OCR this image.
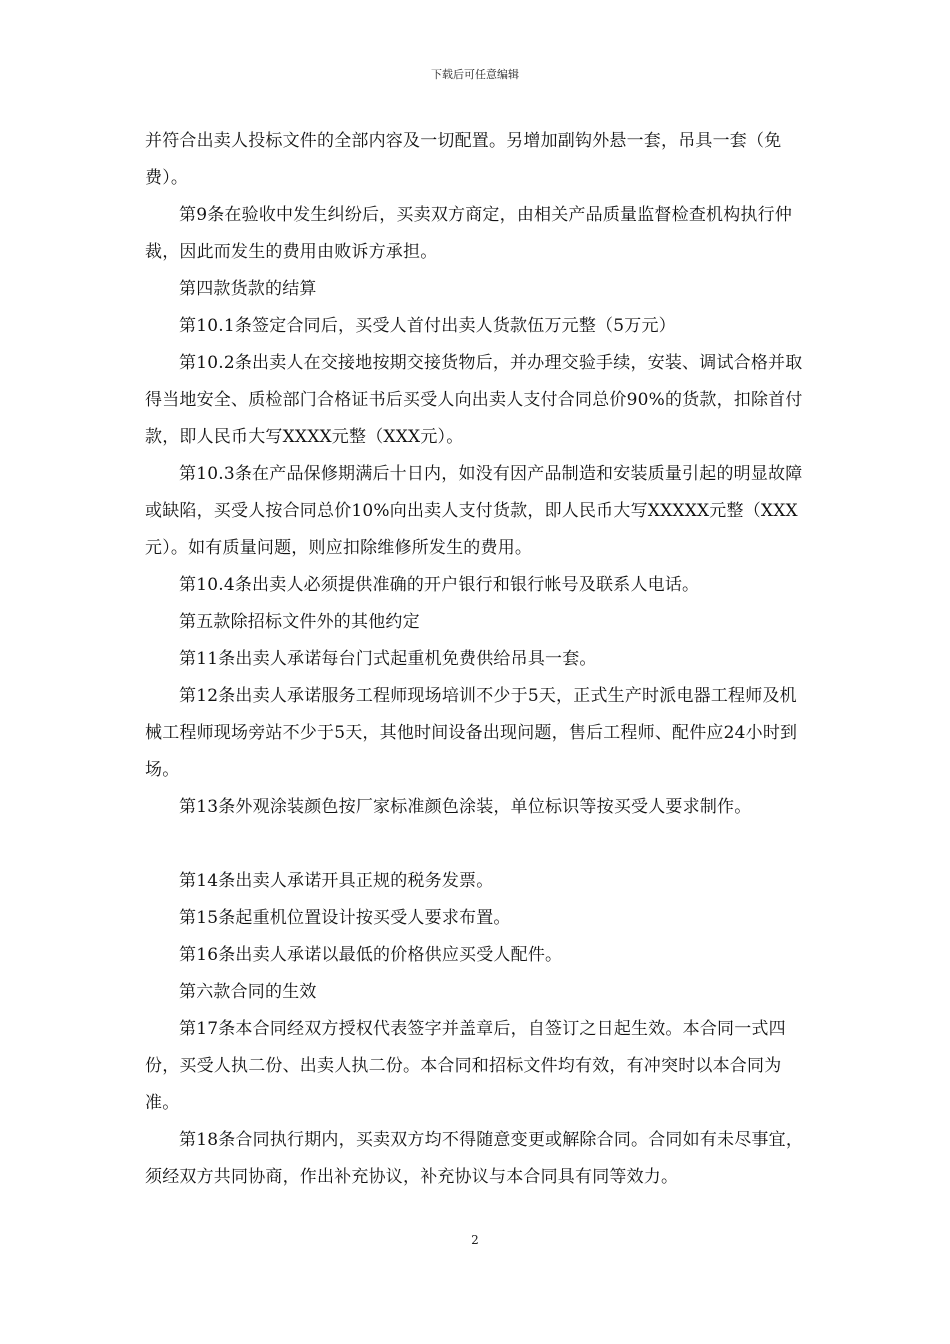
下载后可任意编辑

并符合出卖人投标文件的全部内容及一切配置。另增加副钩外悬一套，吊具一套（免费）。

第9条在验收中发生纠纷后，买卖双方商定，由相关产品质量监督检查机构执行仲裁，因此而发生的费用由败诉方承担。

第四款货款的结算

第10.1条签定合同后，买受人首付出卖人货款伍万元整（5万元）

第10.2条出卖人在交接地按期交接货物后，并办理交验手续，安装、调试合格并取得当地安全、质检部门合格证书后买受人向出卖人支付合同总价90%的货款，扣除首付款，即人民币大写XXXX元整（XXX元）。

第10.3条在产品保修期满后十日内，如没有因产品制造和安装质量引起的明显故障或缺陷，买受人按合同总价10%向出卖人支付货款，即人民币大写XXXXX元整（XXX元）。如有质量问题，则应扣除维修所发生的费用。

第10.4条出卖人必须提供准确的开户银行和银行帐号及联系人电话。

第五款除招标文件外的其他约定

第11条出卖人承诺每台门式起重机免费供给吊具一套。

第12条出卖人承诺服务工程师现场培训不少于5天，正式生产时派电器工程师及机械工程师现场旁站不少于5天，其他时间设备出现问题，售后工程师、配件应24小时到场。

第13条外观涂装颜色按厂家标准颜色涂装，单位标识等按买受人要求制作。

第14条出卖人承诺开具正规的税务发票。

第15条起重机位置设计按买受人要求布置。

第16条出卖人承诺以最低的价格供应买受人配件。

第六款合同的生效

第17条本合同经双方授权代表签字并盖章后，自签订之日起生效。本合同一式四份，买受人执二份、出卖人执二份。本合同和招标文件均有效，有冲突时以本合同为准。

第18条合同执行期内，买卖双方均不得随意变更或解除合同。合同如有未尽事宜，须经双方共同协商，作出补充协议，补充协议与本合同具有同等效力。

2
